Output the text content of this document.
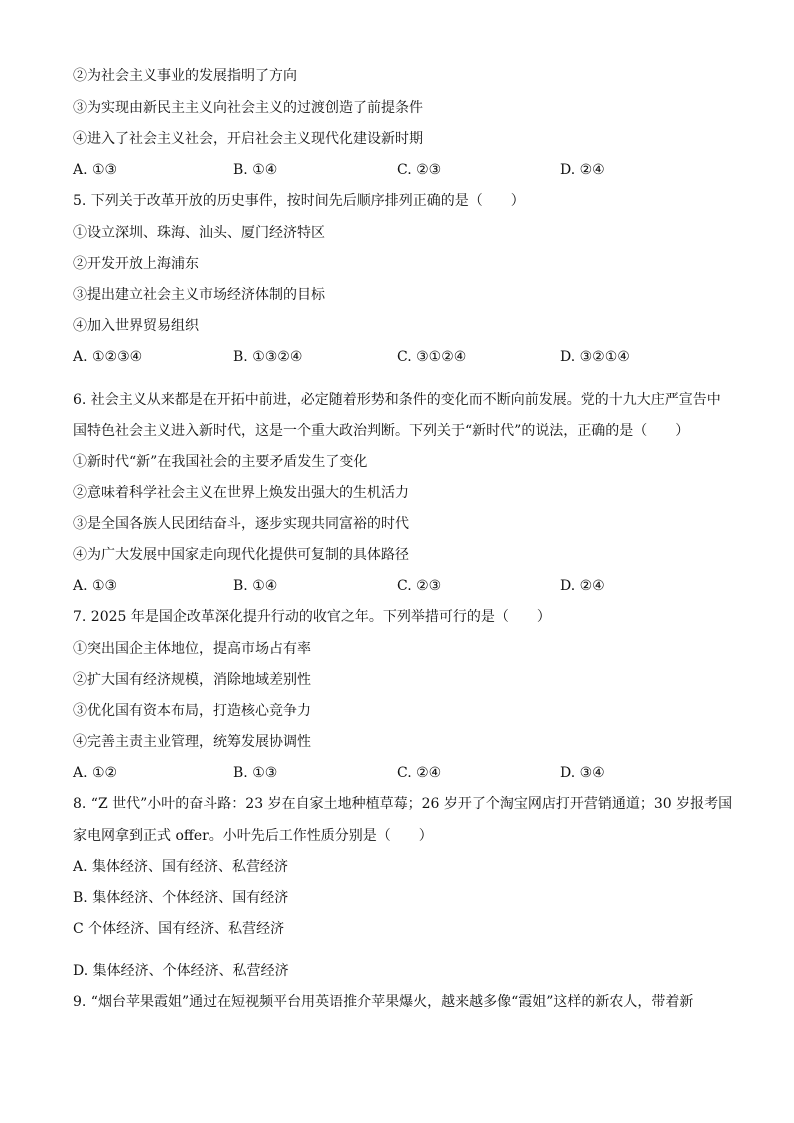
②为社会主义事业的发展指明了方向
③为实现由新民主主义向社会主义的过渡创造了前提条件
④进入了社会主义社会，开启社会主义现代化建设新时期
A. ①③	B. ①④	C. ②③	D. ②④
5. 下列关于改革开放的历史事件，按时间先后顺序排列正确的是（　　）
①设立深圳、珠海、汕头、厦门经济特区
②开发开放上海浦东
③提出建立社会主义市场经济体制的目标
④加入世界贸易组织
A. ①②③④	B. ①③②④	C. ③①②④	D. ③②①④
6. 社会主义从来都是在开拓中前进，必定随着形势和条件的变化而不断向前发展。党的十九大庄严宣告中
国特色社会主义进入新时代，这是一个重大政治判断。下列关于“新时代”的说法，正确的是（　　）
①新时代“新”在我国社会的主要矛盾发生了变化
②意味着科学社会主义在世界上焕发出强大的生机活力
③是全国各族人民团结奋斗，逐步实现共同富裕的时代
④为广大发展中国家走向现代化提供可复制的具体路径
A. ①③	B. ①④	C. ②③	D. ②④
7. 2025 年是国企改革深化提升行动的收官之年。下列举措可行的是（　　）
①突出国企主体地位，提高市场占有率
②扩大国有经济规模，消除地域差别性
③优化国有资本布局，打造核心竞争力
④完善主责主业管理，统筹发展协调性
A. ①②	B. ①③	C. ②④	D. ③④
8. “Z 世代”小叶的奋斗路：23 岁在自家土地种植草莓；26 岁开了个淘宝网店打开营销通道；30 岁报考国
家电网拿到正式 offer。小叶先后工作性质分别是（　　）
A. 集体经济、国有经济、私营经济
B. 集体经济、个体经济、国有经济
C 个体经济、国有经济、私营经济
D. 集体经济、个体经济、私营经济
9. “烟台苹果霞姐”通过在短视频平台用英语推介苹果爆火，越来越多像“霞姐”这样的新农人，带着新
